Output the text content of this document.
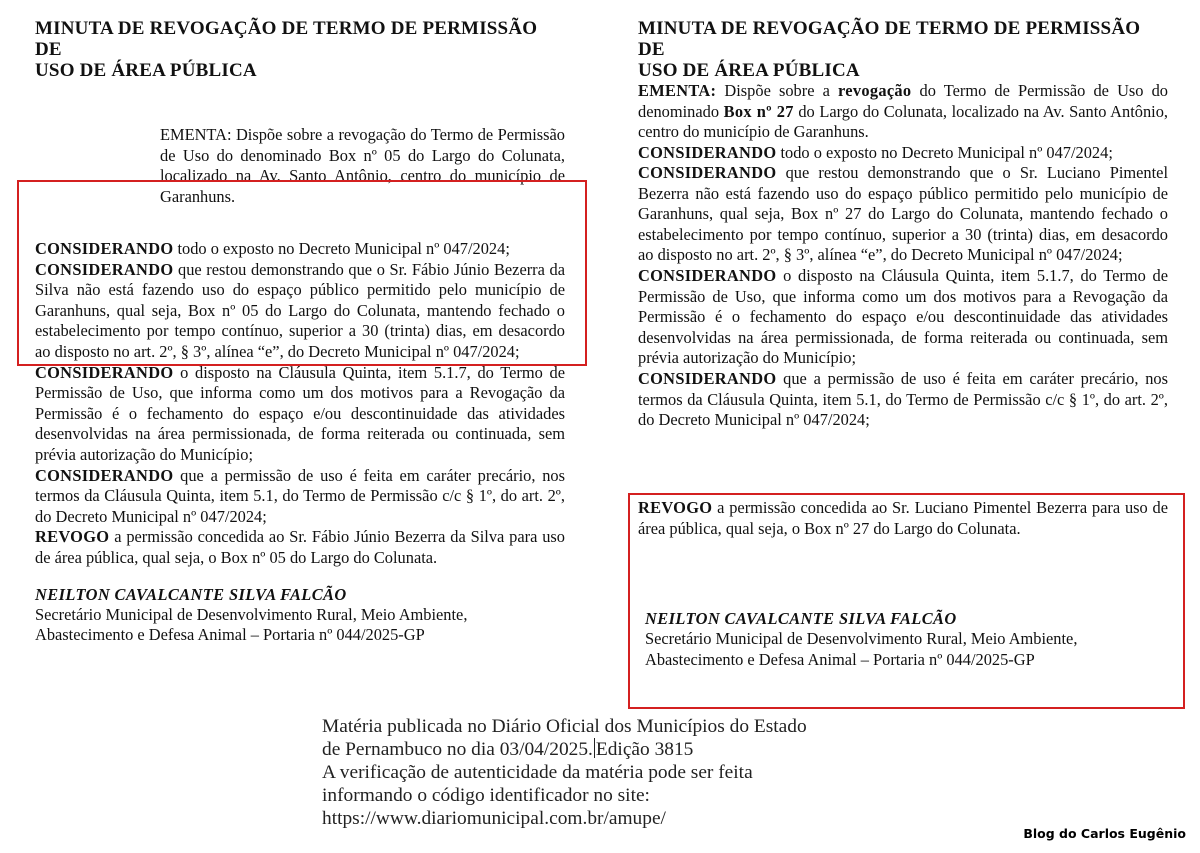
MINUTA DE REVOGAÇÃO DE TERMO DE PERMISSÃO DE
USO DE ÁREA PÚBLICA
EMENTA: Dispõe sobre a revogação do Termo de Permissão de Uso do denominado Box nº 05 do Largo do Colunata, localizado na Av. Santo Antônio, centro do município de Garanhuns.

CONSIDERANDO todo o exposto no Decreto Municipal nº 047/2024;

CONSIDERANDO que restou demonstrando que o Sr. Fábio Júnio Bezerra da Silva não está fazendo uso do espaço público permitido pelo município de Garanhuns, qual seja, Box nº 05 do Largo do Colunata, mantendo fechado o estabelecimento por tempo contínuo, superior a 30 (trinta) dias, em desacordo ao disposto no art. 2º, § 3º, alínea “e”, do Decreto Municipal nº 047/2024;

CONSIDERANDO o disposto na Cláusula Quinta, item 5.1.7, do Termo de Permissão de Uso, que informa como um dos motivos para a Revogação da Permissão é o fechamento do espaço e/ou descontinuidade das atividades desenvolvidas na área permissionada, de forma reiterada ou continuada, sem prévia autorização do Município;

CONSIDERANDO que a permissão de uso é feita em caráter precário, nos termos da Cláusula Quinta, item 5.1, do Termo de Permissão c/c § 1º, do art. 2º, do Decreto Municipal nº 047/2024;

REVOGO a permissão concedida ao Sr. Fábio Júnio Bezerra da Silva para uso de área pública, qual seja, o Box nº 05 do Largo do Colunata.

NEILTON CAVALCANTE SILVA FALCÃO
Secretário Municipal de Desenvolvimento Rural, Meio Ambiente, Abastecimento e Defesa Animal – Portaria nº 044/2025-GP
MINUTA DE REVOGAÇÃO DE TERMO DE PERMISSÃO DE
USO DE ÁREA PÚBLICA
EMENTA: Dispõe sobre a revogação do Termo de Permissão de Uso do denominado Box nº 27 do Largo do Colunata, localizado na Av. Santo Antônio, centro do município de Garanhuns.

CONSIDERANDO todo o exposto no Decreto Municipal nº 047/2024;

CONSIDERANDO que restou demonstrando que o Sr. Luciano Pimentel Bezerra não está fazendo uso do espaço público permitido pelo município de Garanhuns, qual seja, Box nº 27 do Largo do Colunata, mantendo fechado o estabelecimento por tempo contínuo, superior a 30 (trinta) dias, em desacordo ao disposto no art. 2º, § 3º, alínea “e”, do Decreto Municipal nº 047/2024;

CONSIDERANDO o disposto na Cláusula Quinta, item 5.1.7, do Termo de Permissão de Uso, que informa como um dos motivos para a Revogação da Permissão é o fechamento do espaço e/ou descontinuidade das atividades desenvolvidas na área permissionada, de forma reiterada ou continuada, sem prévia autorização do Município;

CONSIDERANDO que a permissão de uso é feita em caráter precário, nos termos da Cláusula Quinta, item 5.1, do Termo de Permissão c/c § 1º, do art. 2º, do Decreto Municipal nº 047/2024;

REVOGO a permissão concedida ao Sr. Luciano Pimentel Bezerra para uso de área pública, qual seja, o Box nº 27 do Largo do Colunata.

NEILTON CAVALCANTE SILVA FALCÃO
Secretário Municipal de Desenvolvimento Rural, Meio Ambiente, Abastecimento e Defesa Animal – Portaria nº 044/2025-GP
Matéria publicada no Diário Oficial dos Municípios do Estado
de Pernambuco no dia 03/04/2025. Edição 3815
A verificação de autenticidade da matéria pode ser feita
informando o código identificador no site:
https://www.diariomunicipal.com.br/amupe/
Blog do Carlos Eugênio
